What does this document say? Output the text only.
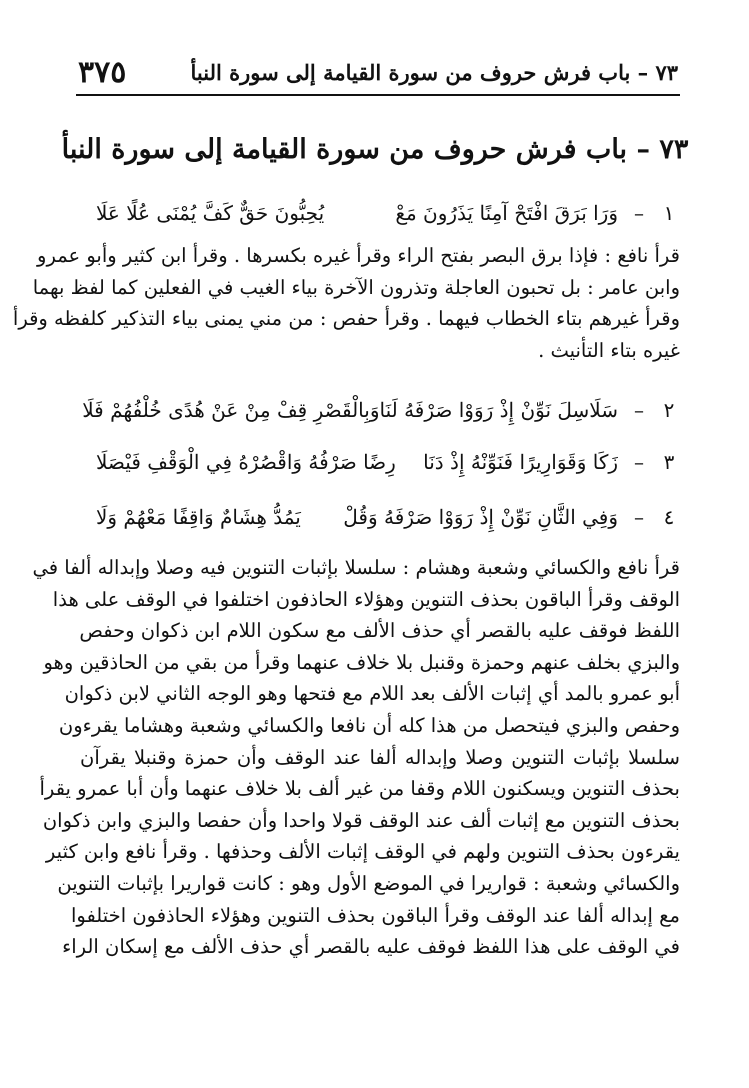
٣٧٥	٧٣ – باب فرش حروف من سورة القيامة إلى سورة النبأ
٧٣ – باب فرش حروف من سورة القيامة إلى سورة النبأ
١
–
وَرَا بَرَقَ افْتَحْ آمِنًا يَذَرُونَ مَعْ
يُحِبُّونَ حَقٌّ كَفَّ يُمْنَى عُلًا عَلَا
قرأ نافع : فإذا برق البصر بفتح الراء وقرأ غيره بكسرها . وقرأ ابن كثير وأبو عمرو
وابن عامر : بل تحبون العاجلة وتذرون الآخرة بياء الغيب في الفعلين كما لفظ بهما
وقرأ غيرهم بتاء الخطاب فيهما . وقرأ حفص : من مني يمنى بياء التذكير كلفظه وقرأ
غيره بتاء التأنيث .
٢
–
سَلَاسِلَ نَوِّنْ إِذْ رَوَوْا صَرْفَهُ لَنَا
وَبِالْقَصْرِ قِفْ مِنْ عَنْ هُدًى خُلْفُهُمْ فَلَا
٣
–
زَكَا وَقَوَارِيرًا فَنَوِّنْهُ إِذْ دَنَا
رِضًا صَرْفُهُ وَاقْصُرْهُ فِي الْوَقْفِ فَيْصَلَا
٤
–
وَفِي الثَّانِ نَوِّنْ إِذْ رَوَوْا صَرْفَهُ وَقُلْ
يَمُدُّ هِشَامٌ وَاقِفًا مَعْهُمْ وَلَا
قرأ نافع والكسائي وشعبة وهشام : سلسلا بإثبات التنوين فيه وصلا وإبداله ألفا في
الوقف وقرأ الباقون بحذف التنوين وهؤلاء الحاذفون اختلفوا في الوقف على هذا
اللفظ فوقف عليه بالقصر أي حذف الألف مع سكون اللام ابن ذكوان وحفص
والبزي بخلف عنهم وحمزة وقنبل بلا خلاف عنهما وقرأ من بقي من الحاذقين وهو
أبو عمرو بالمد أي إثبات الألف بعد اللام مع فتحها وهو الوجه الثاني لابن ذكوان
وحفص والبزي فيتحصل من هذا كله أن نافعا والكسائي وشعبة وهشاما يقرءون
سلسلا بإثبات التنوين وصلا وإبداله ألفا عند الوقف وأن حمزة وقنبلا يقرآن
بحذف التنوين ويسكنون اللام وقفا من غير ألف بلا خلاف عنهما وأن أبا عمرو يقرأ
بحذف التنوين مع إثبات ألف عند الوقف قولا واحدا وأن حفصا والبزي وابن ذكوان
يقرءون بحذف التنوين ولهم في الوقف إثبات الألف وحذفها . وقرأ نافع وابن كثير
والكسائي وشعبة : قواريرا في الموضع الأول وهو : كانت قواريرا بإثبات التنوين
مع إبداله ألفا عند الوقف وقرأ الباقون بحذف التنوين وهؤلاء الحاذفون اختلفوا
في الوقف على هذا اللفظ فوقف عليه بالقصر أي حذف الألف مع إسكان الراء
